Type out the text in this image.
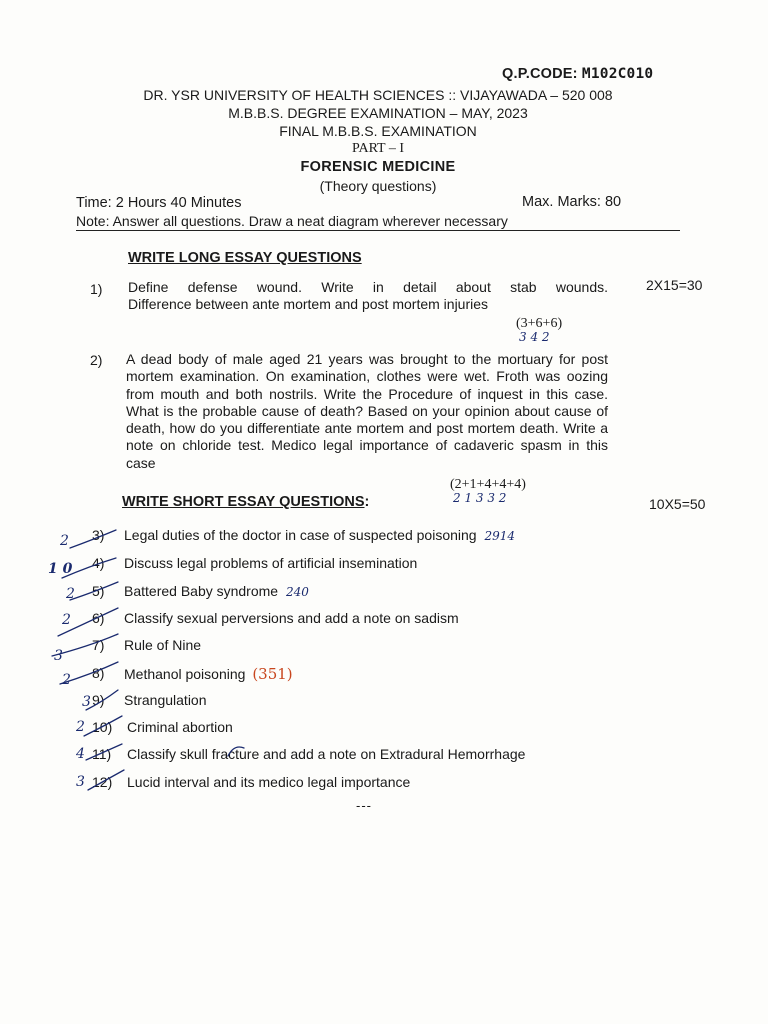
Q.P.CODE: M102C010
DR. YSR UNIVERSITY OF HEALTH SCIENCES :: VIJAYAWADA – 520 008
M.B.B.S. DEGREE EXAMINATION – MAY, 2023
FINAL M.B.B.S. EXAMINATION
PART – I
FORENSIC MEDICINE
(Theory questions)
Time: 2 Hours 40 Minutes	Max. Marks: 80
Note: Answer all questions. Draw a neat diagram wherever necessary
WRITE LONG ESSAY QUESTIONS
2X15=30
1) Define defense wound. Write in detail about stab wounds.
Difference between ante mortem and post mortem injuries
(3+6+6)
3 4 2
2) A dead body of male aged 21 years was brought to the mortuary for post mortem examination. On examination, clothes were wet. Froth was oozing from mouth and both nostrils. Write the Procedure of inquest in this case. What is the probable cause of death? Based on your opinion about cause of death, how do you differentiate ante mortem and post mortem death. Write a note on chloride test. Medico legal importance of cadaveric spasm in this
case
(2+1+4+4+4)
2 1 3 3 2
WRITE SHORT ESSAY QUESTIONS:	10X5=50
3) Legal duties of the doctor in case of suspected poisoning 2914
4) Discuss legal problems of artificial insemination
5) Battered Baby syndrome 240
6) Classify sexual perversions and add a note on sadism
7) Rule of Nine
8) Methanol poisoning (351)
9) Strangulation
10) Criminal abortion
11) Classify skull fracture and add a note on Extradural Hemorrhage
12) Lucid interval and its medico legal importance
2
1 0
2
2
3
2
3
2
4
3
---
